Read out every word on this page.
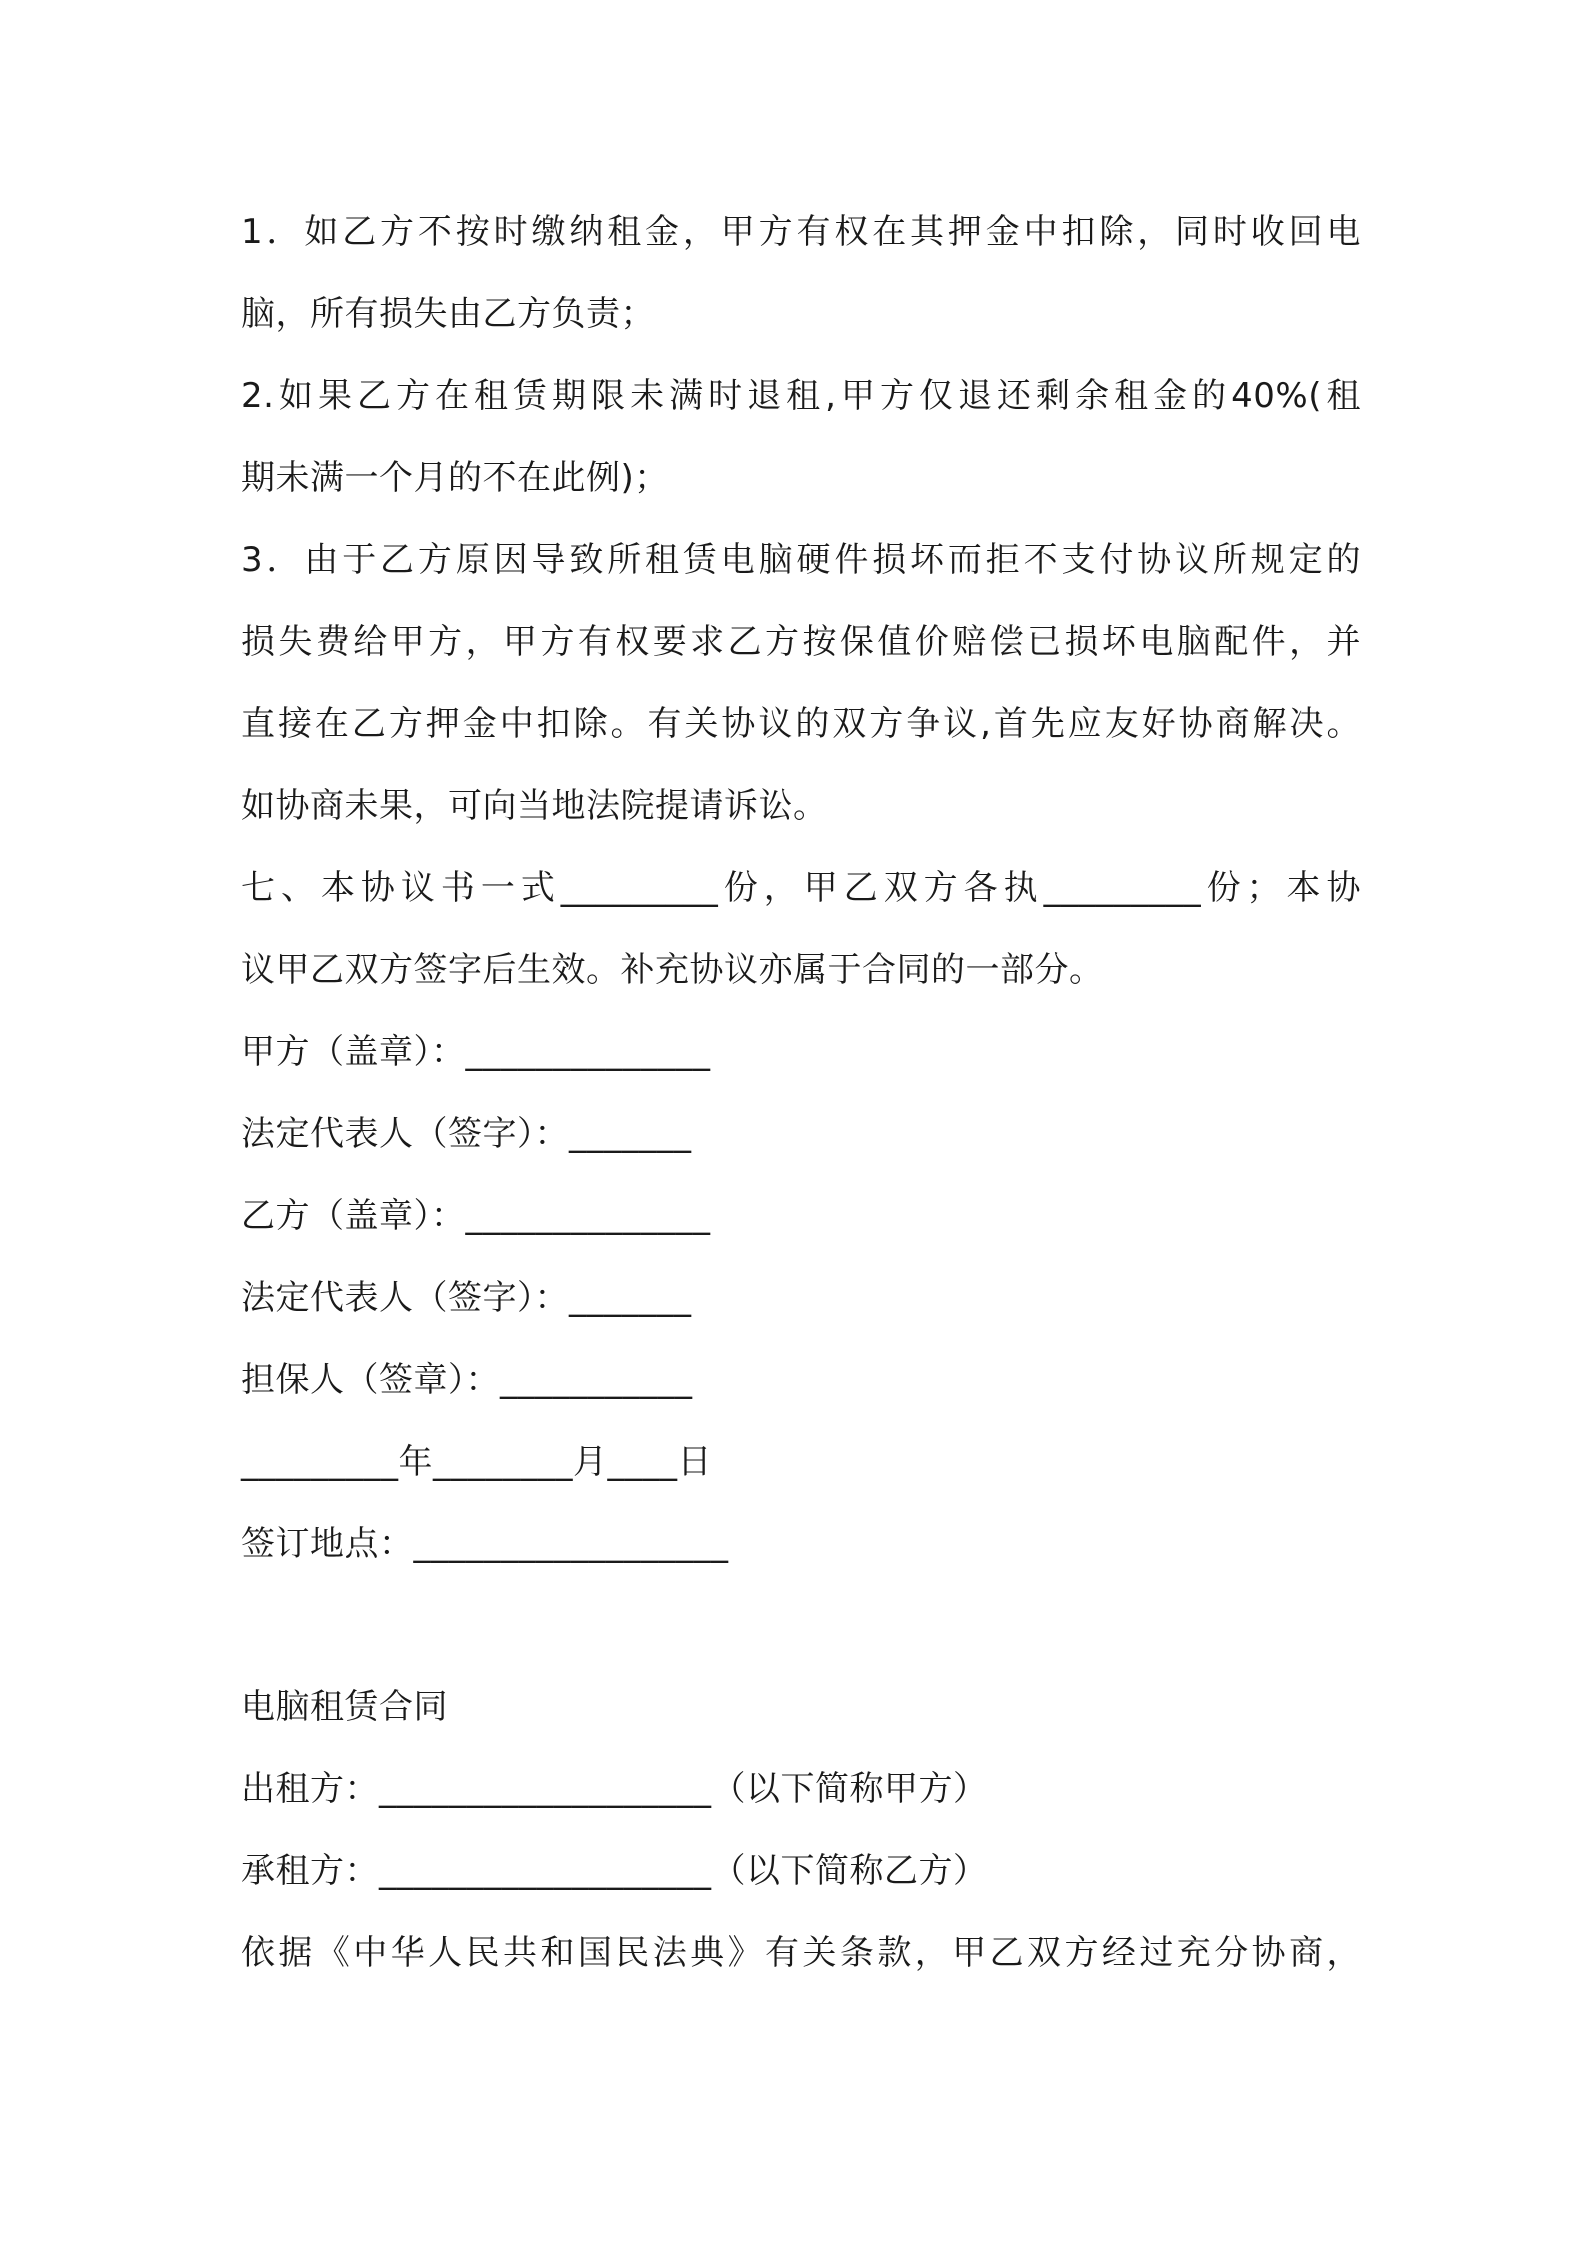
1．如乙方不按时缴纳租金，甲方有权在其押金中扣除，同时收回电
脑，所有损失由乙方负责；
2.如果乙方在租赁期限未满时退租,甲方仅退还剩余租金的40%(租
期未满一个月的不在此例)；
3．由于乙方原因导致所租赁电脑硬件损坏而拒不支付协议所规定的
损失费给甲方，甲方有权要求乙方按保值价赔偿已损坏电脑配件，并
直接在乙方押金中扣除。有关协议的双方争议,首先应友好协商解决。
如协商未果，可向当地法院提请诉讼。
七、本协议书一式_________份，甲乙双方各执_________份；本协
议甲乙双方签字后生效。补充协议亦属于合同的一部分。
甲方（盖章）：______________
法定代表人（签字）：_______
乙方（盖章）：______________
法定代表人（签字）：_______
担保人（签章）：___________
_________年________月____日
签订地点：__________________
电脑租赁合同
出租方：___________________（以下简称甲方）
承租方：___________________（以下简称乙方）
依据《中华人民共和国民法典》有关条款，甲乙双方经过充分协商，
